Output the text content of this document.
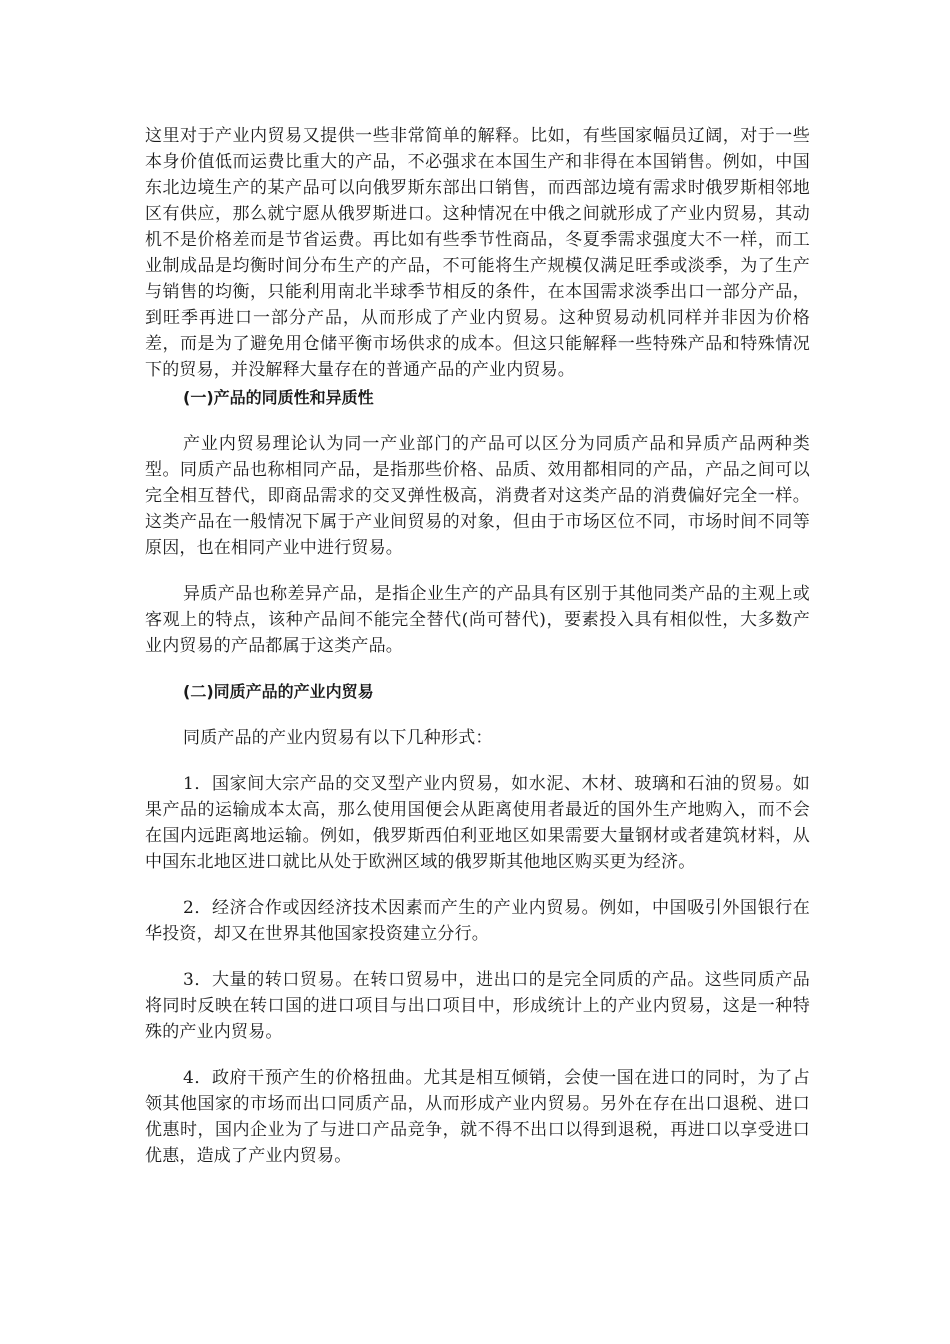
这里对于产业内贸易又提供一些非常简单的解释。比如，有些国家幅员辽阔，对于一些本身价值低而运费比重大的产品，不必强求在本国生产和非得在本国销售。例如，中国东北边境生产的某产品可以向俄罗斯东部出口销售，而西部边境有需求时俄罗斯相邻地区有供应，那么就宁愿从俄罗斯进口。这种情况在中俄之间就形成了产业内贸易，其动机不是价格差而是节省运费。再比如有些季节性商品，冬夏季需求强度大不一样，而工业制成品是均衡时间分布生产的产品，不可能将生产规模仅满足旺季或淡季，为了生产与销售的均衡，只能利用南北半球季节相反的条件，在本国需求淡季出口一部分产品，到旺季再进口一部分产品，从而形成了产业内贸易。这种贸易动机同样并非因为价格差，而是为了避免用仓储平衡市场供求的成本。但这只能解释一些特殊产品和特殊情况下的贸易，并没解释大量存在的普通产品的产业内贸易。

(一)产品的同质性和异质性

产业内贸易理论认为同一产业部门的产品可以区分为同质产品和异质产品两种类型。同质产品也称相同产品，是指那些价格、品质、效用都相同的产品，产品之间可以完全相互替代，即商品需求的交叉弹性极高，消费者对这类产品的消费偏好完全一样。这类产品在一般情况下属于产业间贸易的对象，但由于市场区位不同，市场时间不同等原因，也在相同产业中进行贸易。

异质产品也称差异产品，是指企业生产的产品具有区别于其他同类产品的主观上或客观上的特点，该种产品间不能完全替代(尚可替代)，要素投入具有相似性，大多数产业内贸易的产品都属于这类产品。

(二)同质产品的产业内贸易

同质产品的产业内贸易有以下几种形式：

1．国家间大宗产品的交叉型产业内贸易，如水泥、木材、玻璃和石油的贸易。如果产品的运输成本太高，那么使用国便会从距离使用者最近的国外生产地购入，而不会在国内远距离地运输。例如，俄罗斯西伯利亚地区如果需要大量钢材或者建筑材料，从中国东北地区进口就比从处于欧洲区域的俄罗斯其他地区购买更为经济。

2．经济合作或因经济技术因素而产生的产业内贸易。例如，中国吸引外国银行在华投资，却又在世界其他国家投资建立分行。

3．大量的转口贸易。在转口贸易中，进出口的是完全同质的产品。这些同质产品将同时反映在转口国的进口项目与出口项目中，形成统计上的产业内贸易，这是一种特殊的产业内贸易。

4．政府干预产生的价格扭曲。尤其是相互倾销，会使一国在进口的同时，为了占领其他国家的市场而出口同质产品，从而形成产业内贸易。另外在存在出口退税、进口优惠时，国内企业为了与进口产品竞争，就不得不出口以得到退税，再进口以享受进口优惠，造成了产业内贸易。
